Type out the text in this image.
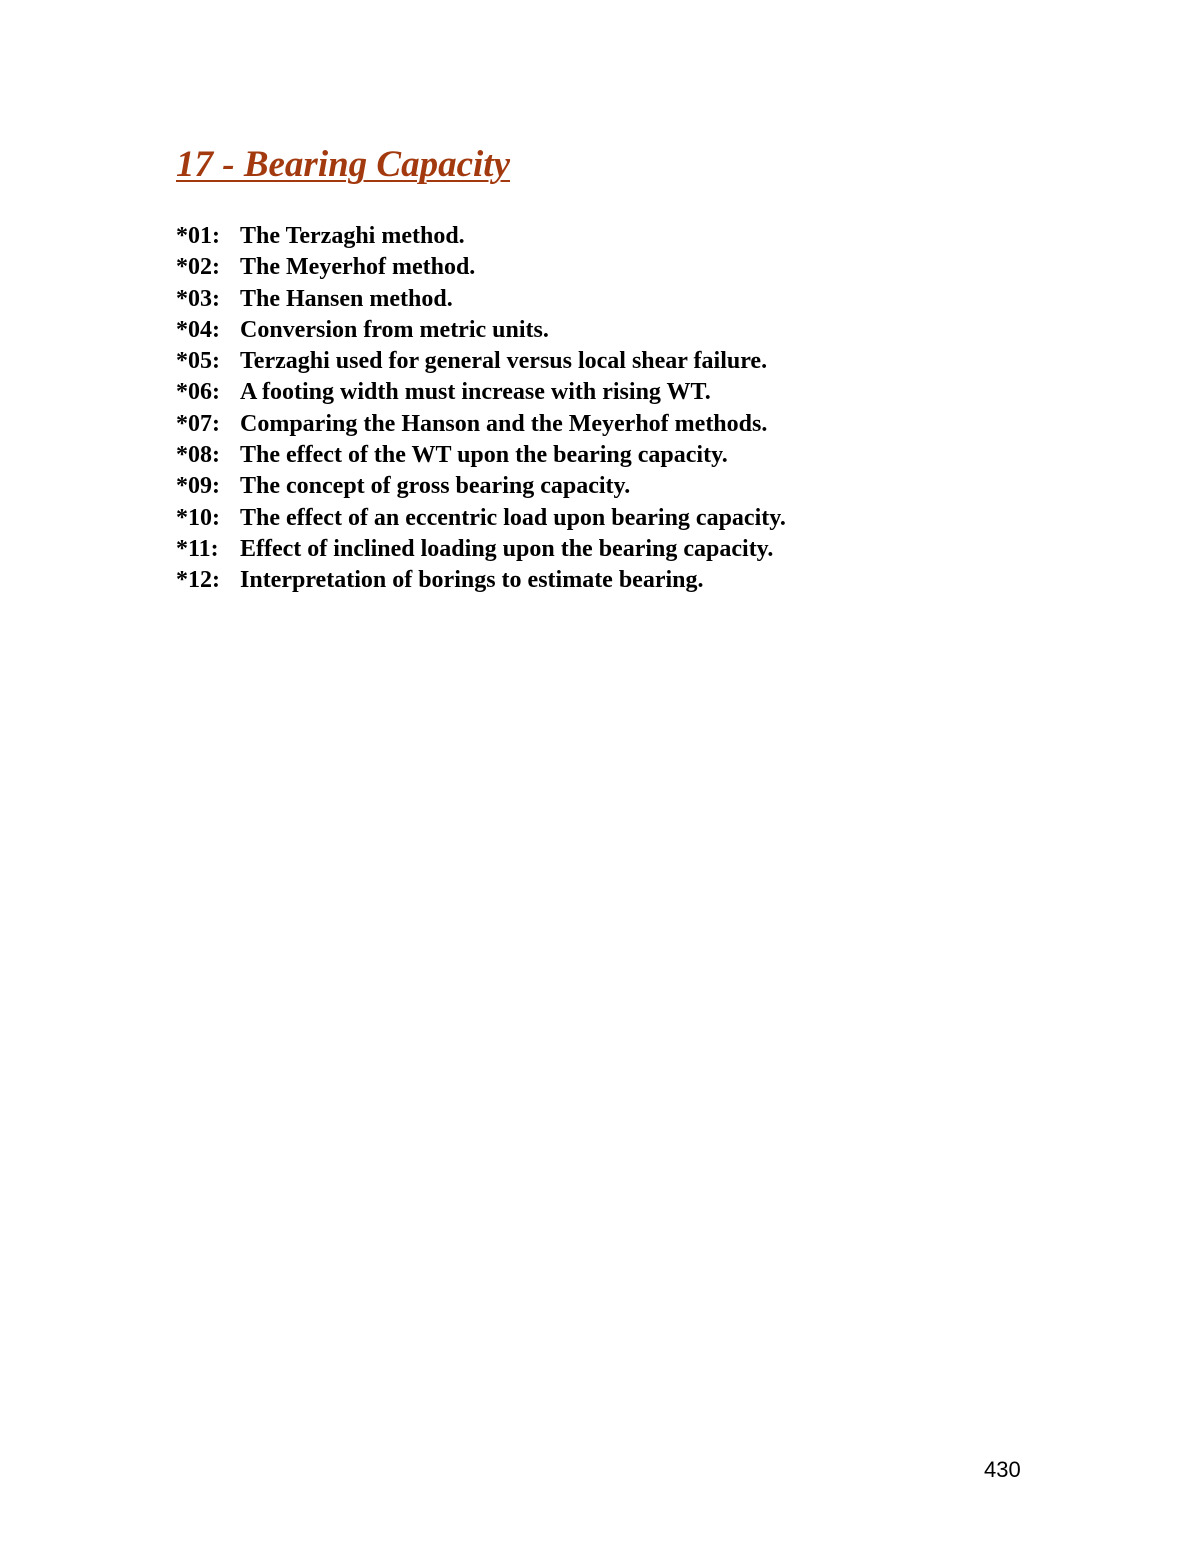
17 - Bearing Capacity
*01: The Terzaghi method.
*02: The Meyerhof method.
*03: The Hansen method.
*04: Conversion from metric units.
*05: Terzaghi used for general versus local shear failure.
*06: A footing width must increase with rising WT.
*07: Comparing the Hanson and the Meyerhof methods.
*08: The effect of the WT upon the bearing capacity.
*09: The concept of gross bearing capacity.
*10: The effect of an eccentric load upon bearing capacity.
*11: Effect of inclined loading upon the bearing capacity.
*12: Interpretation of borings to estimate bearing.
430
